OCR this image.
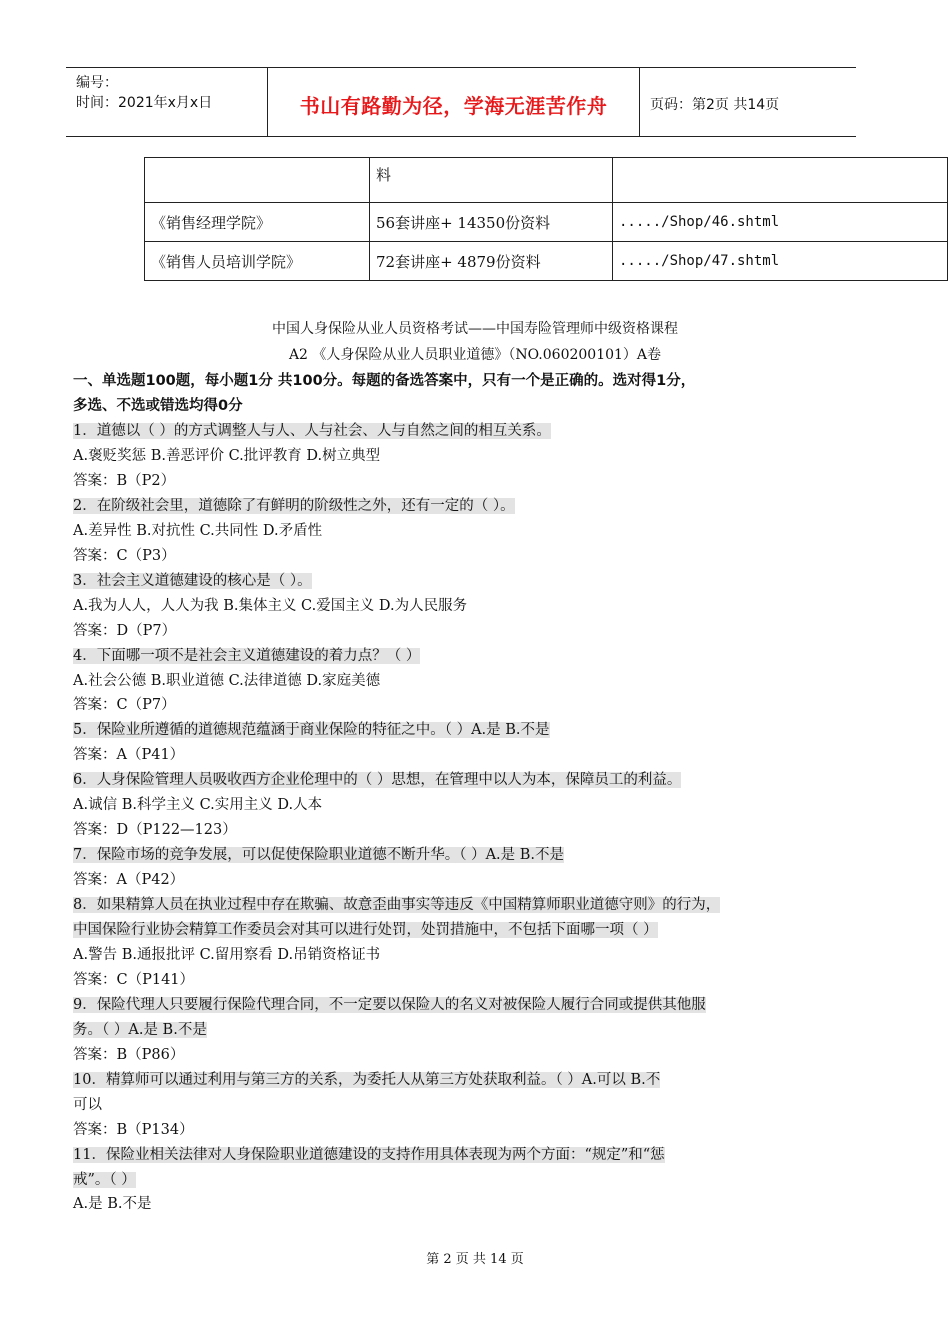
编号：
时间：2021年x月x日	书山有路勤为径，学海无涯苦作舟	页码：第2页 共14页
	料	
《销售经理学院》	56套讲座+ 14350份资料	...../Shop/46.shtml
《销售人员培训学院》	72套讲座+ 4879份资料	...../Shop/47.shtml
中国人身保险从业人员资格考试——中国寿险管理师中级资格课程
A2 《人身保险从业人员职业道德》（NO.060200101）A卷
一、单选题100题，每小题1分 共100分。每题的备选答案中，只有一个是正确的。选对得1分，
多选、不选或错选均得0分
1．道德以（ ）的方式调整人与人、人与社会、人与自然之间的相互关系。
A.褒贬奖惩 B.善恶评价 C.批评教育 D.树立典型
答案：B（P2）
2．在阶级社会里，道德除了有鲜明的阶级性之外，还有一定的（ ）。
A.差异性 B.对抗性 C.共同性 D.矛盾性
答案：C（P3）
3．社会主义道德建设的核心是（ ）。
A.我为人人，人人为我 B.集体主义 C.爱国主义 D.为人民服务
答案：D（P7）
4．下面哪一项不是社会主义道德建设的着力点？（ ）
A.社会公德 B.职业道德 C.法律道德 D.家庭美德
答案：C（P7）
5．保险业所遵循的道德规范蕴涵于商业保险的特征之中。（ ）A.是 B.不是
答案：A（P41）
6．人身保险管理人员吸收西方企业伦理中的（ ）思想，在管理中以人为本，保障员工的利益。
A.诚信 B.科学主义 C.实用主义 D.人本
答案：D（P122—123）
7．保险市场的竞争发展，可以促使保险职业道德不断升华。（ ）A.是 B.不是
答案：A（P42）
8．如果精算人员在执业过程中存在欺骗、故意歪曲事实等违反《中国精算师职业道德守则》的行为，
中国保险行业协会精算工作委员会对其可以进行处罚，处罚措施中，不包括下面哪一项（ ）
A.警告 B.通报批评 C.留用察看 D.吊销资格证书
答案：C（P141）
9．保险代理人只要履行保险代理合同，不一定要以保险人的名义对被保险人履行合同或提供其他服
务。（ ）A.是 B.不是
答案：B（P86）
10．精算师可以通过利用与第三方的关系，为委托人从第三方处获取利益。（ ）A.可以 B.不
可以
答案：B（P134）
11．保险业相关法律对人身保险职业道德建设的支持作用具体表现为两个方面：“规定”和“惩
戒”。（ ）
A.是 B.不是
第 2 页 共 14 页
